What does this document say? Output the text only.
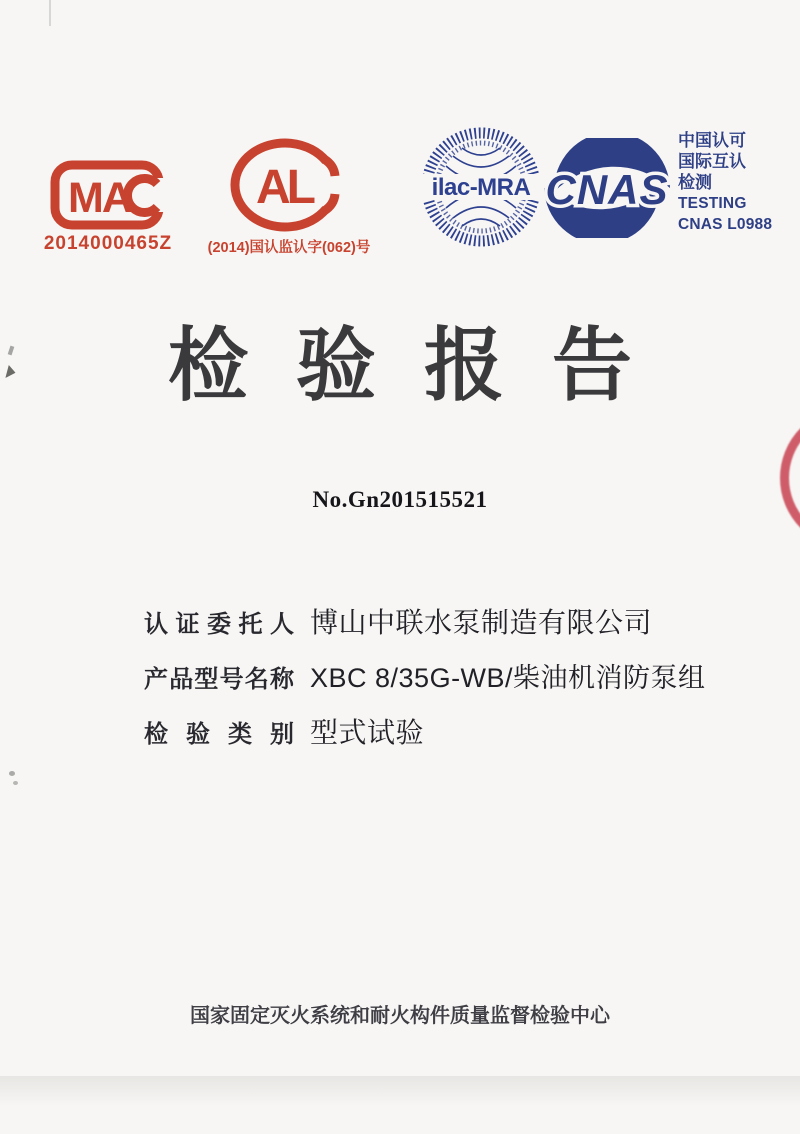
MA
2014000465Z
AL
(2014)国认监认字(062)号
ilac-MRA CNAS
中国认可
国际互认
检测
TESTING
CNAS L0988
检验报告
No.Gn201515521
认证委托人 博山中联水泵制造有限公司
产品型号名称 XBC 8/35G-WB/柴油机消防泵组
检验类别 型式试验
国家固定灭火系统和耐火构件质量监督检验中心
